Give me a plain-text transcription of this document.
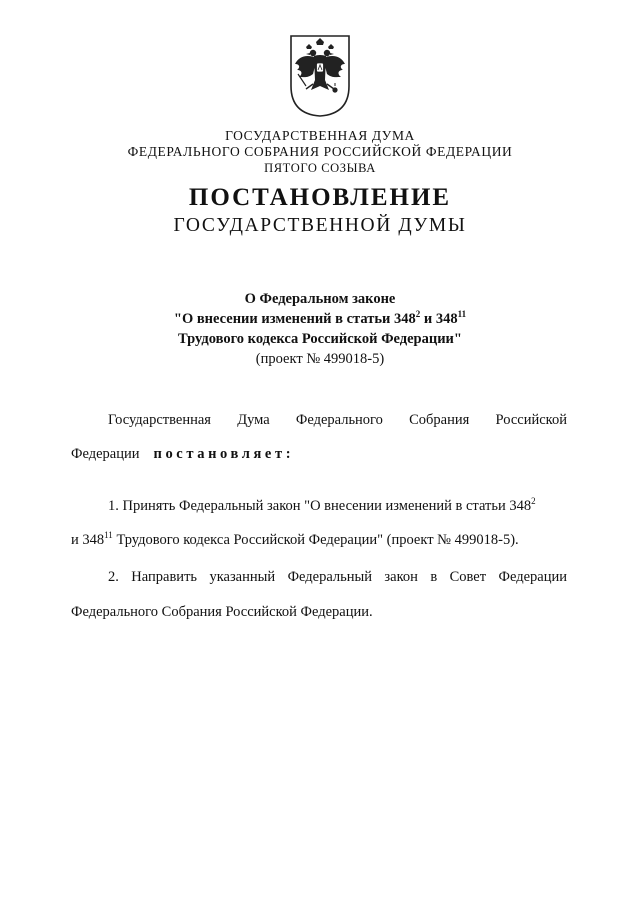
ГОСУДАРСТВЕННАЯ ДУМА
ФЕДЕРАЛЬНОГО СОБРАНИЯ РОССИЙСКОЙ ФЕДЕРАЦИИ
ПЯТОГО СОЗЫВА
ПОСТАНОВЛЕНИЕ
ГОСУДАРСТВЕННОЙ ДУМЫ
О Федеральном законе
"О внесении изменений в статьи $348^2$ и $348^{11}$
Трудового кодекса Российской Федерации"
(проект № 499018-5)
Государственная Дума Федерального Собрания Российской
Федерации постановляет:
1. Принять Федеральный закон "О внесении изменений в статьи $348^2$
и $348^{11}$ Трудового кодекса Российской Федерации" (проект № 499018-5).
2. Направить указанный Федеральный закон в Совет Федерации
Федерального Собрания Российской Федерации.
